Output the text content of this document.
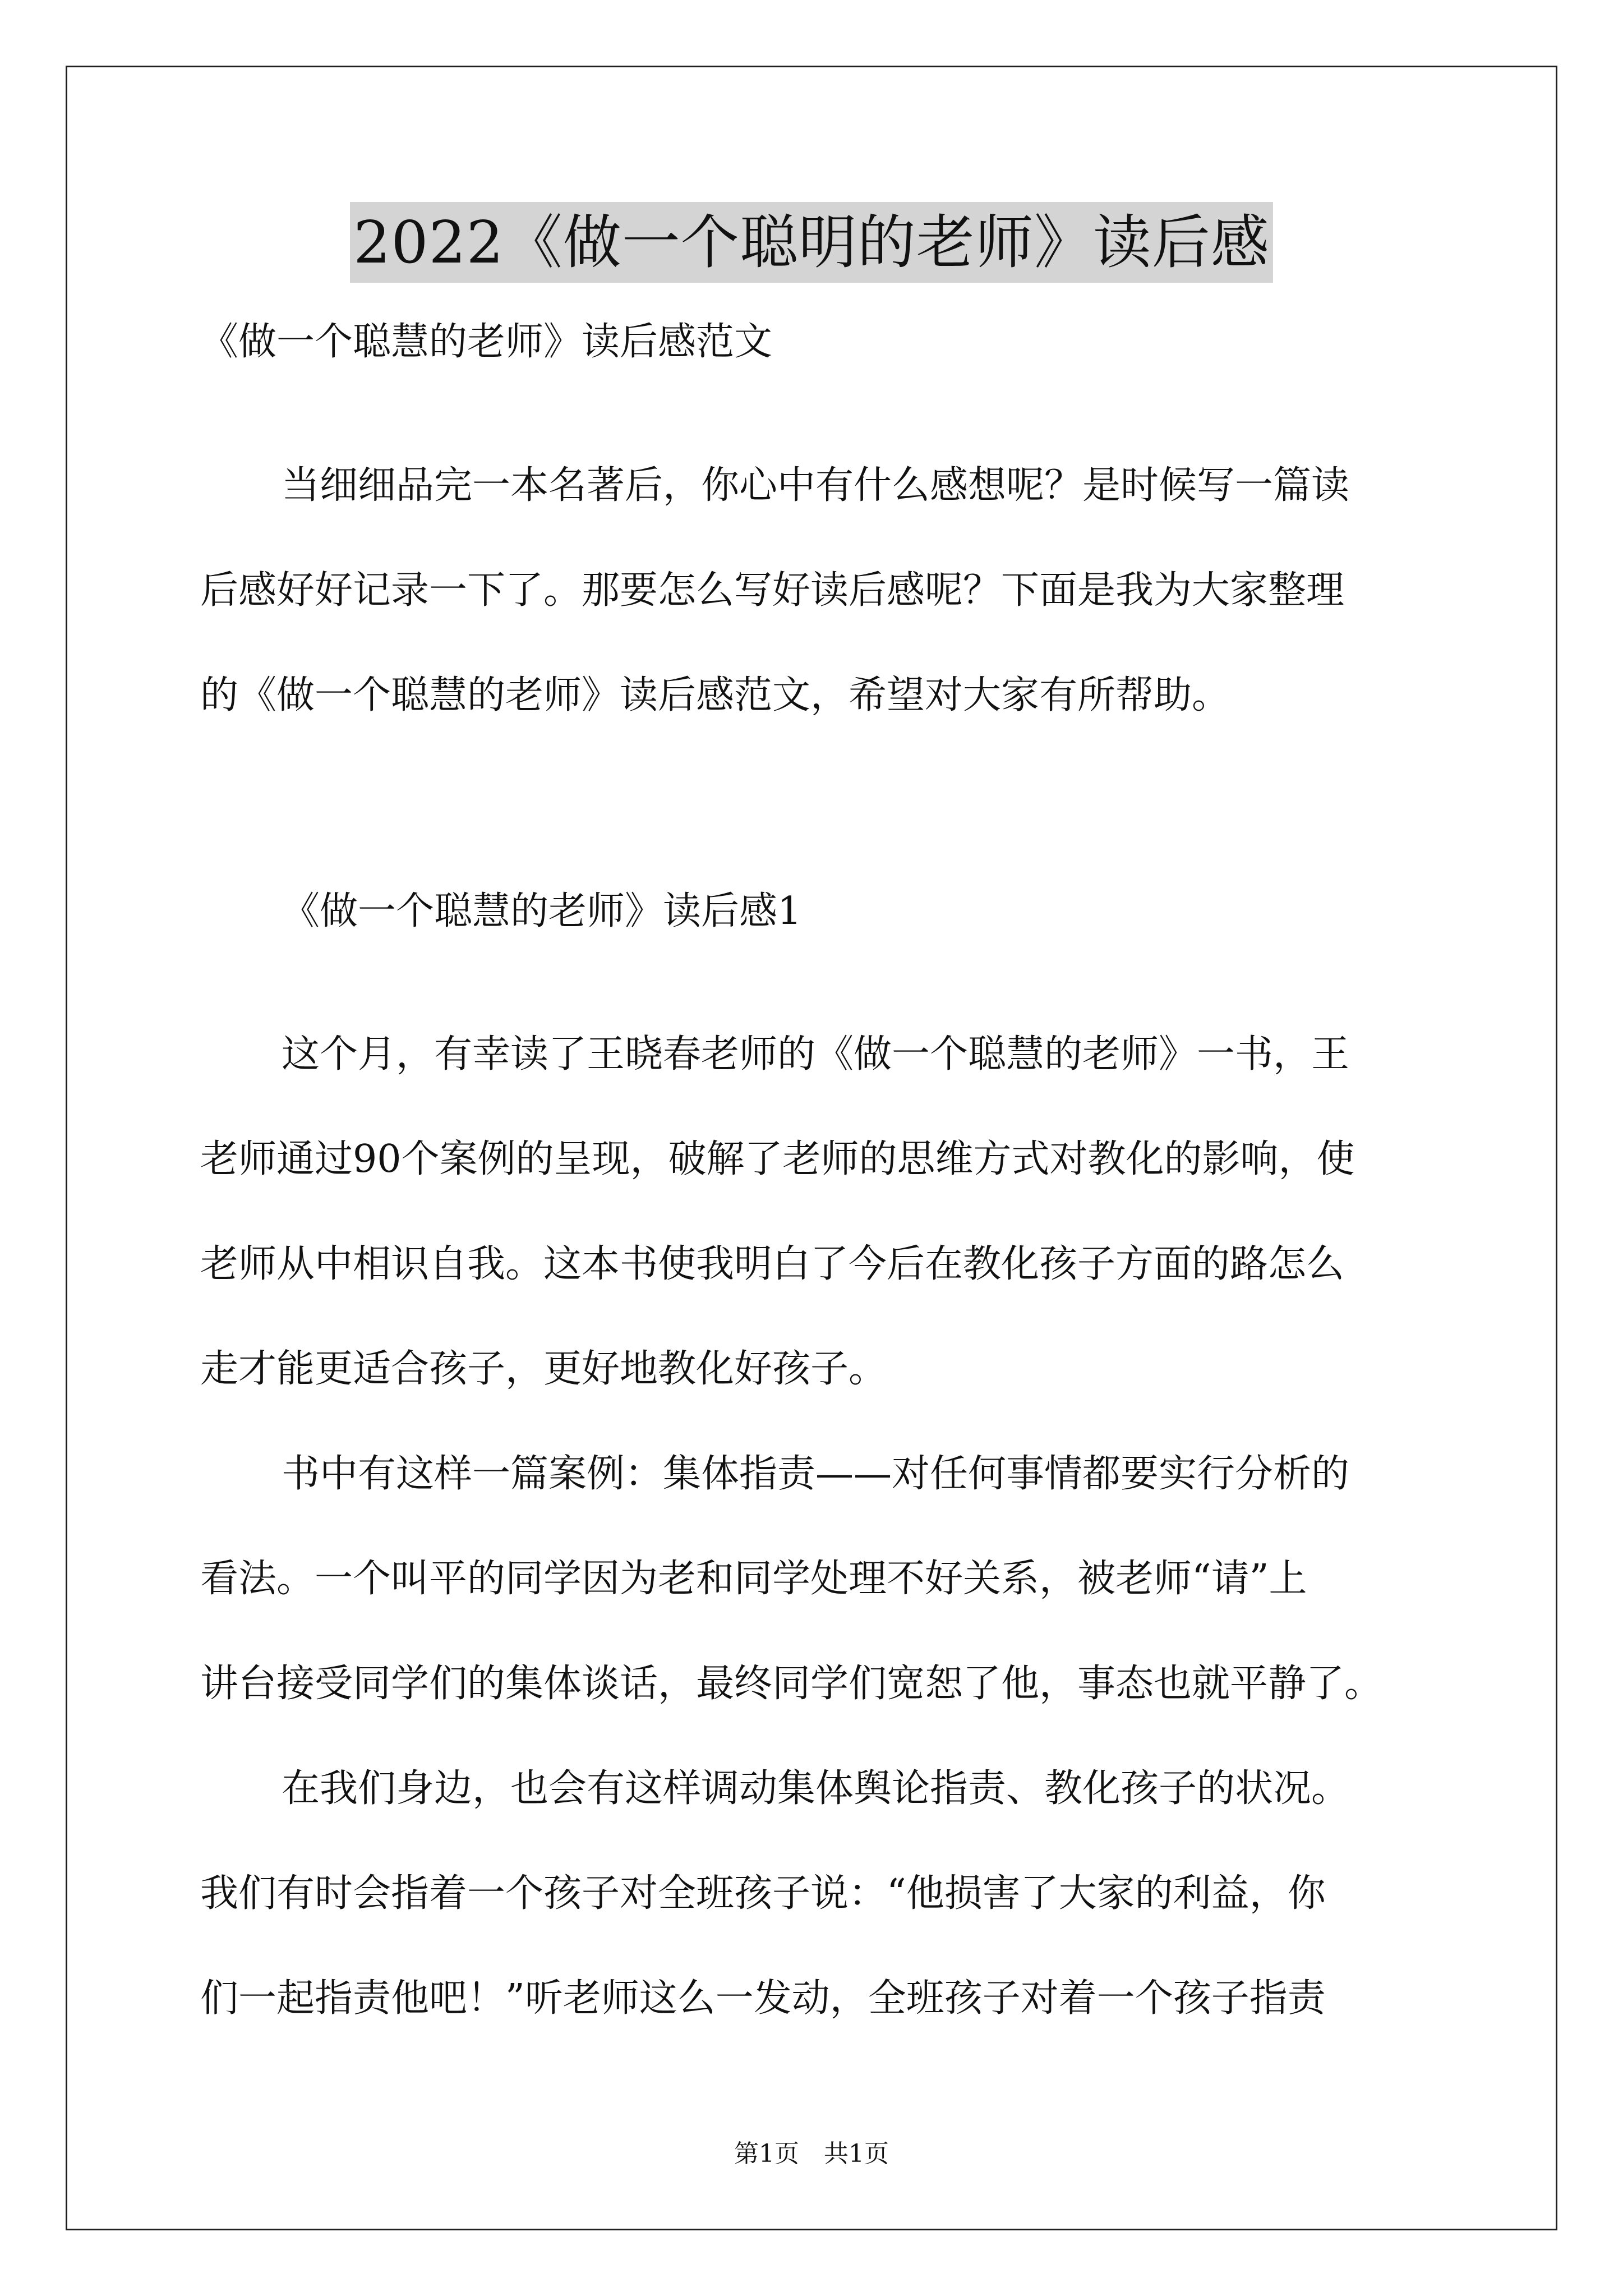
2022《做一个聪明的老师》读后感

《做一个聪慧的老师》读后感范文

当细细品完一本名著后，你心中有什么感想呢？是时候写一篇读

后感好好记录一下了。那要怎么写好读后感呢？下面是我为大家整理

的《做一个聪慧的老师》读后感范文，希望对大家有所帮助。

《做一个聪慧的老师》读后感1

这个月，有幸读了王晓春老师的《做一个聪慧的老师》一书，王

老师通过90个案例的呈现，破解了老师的思维方式对教化的影响，使

老师从中相识自我。这本书使我明白了今后在教化孩子方面的路怎么

走才能更适合孩子，更好地教化好孩子。

书中有这样一篇案例：集体指责——对任何事情都要实行分析的

看法。一个叫平的同学因为老和同学处理不好关系，被老师“请”上

讲台接受同学们的集体谈话，最终同学们宽恕了他，事态也就平静了。

在我们身边，也会有这样调动集体舆论指责、教化孩子的状况。

我们有时会指着一个孩子对全班孩子说：“他损害了大家的利益，你

们一起指责他吧！”听老师这么一发动，全班孩子对着一个孩子指责

第1页　共1页
